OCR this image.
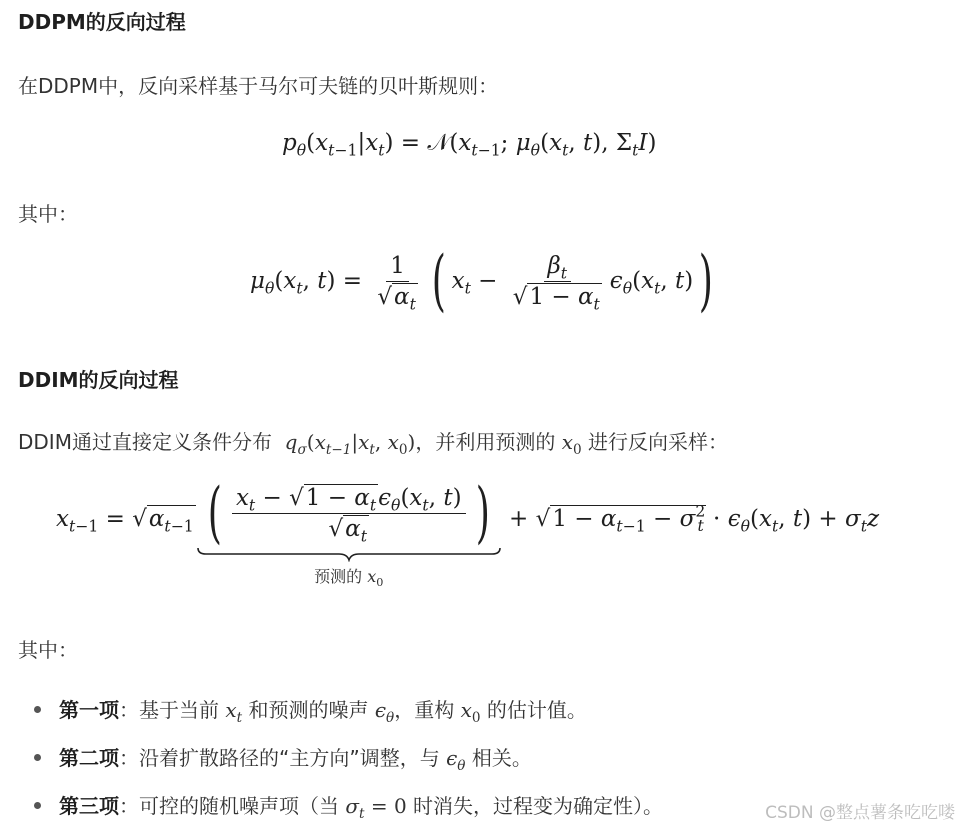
DDPM的反向过程
在DDPM中，反向采样基于马尔可夫链的贝叶斯规则：
$p_\theta(x_{t-1}|x_t)$ = $𝒩(x_{t-1}$; $\mu_\theta(x_t$, t), $\Sigma_tI$)
其中：
$\mu_\theta(x_t$, $t) = \frac{1}{√\alpha_t}$ ( $x_t - \frac{\beta_t}{√1 - \alpha_t} \epsilon_\theta(x_t$, t) )
DDIM的反向过程
DDIM通过直接定义条件分布  $q_\sigma(x_{t-1}|x_t$, $x_0$)，并利用预测的 $x_0$ 进行反向采样：
$x_{t-1} = √\alpha_{t-1}$ ( $\frac{x_t - √1 - \alpha_t\epsilon_\theta(x_t, t)}{√\alpha_t}$ )
预测的 $x_0$
+ $√1 - \alpha_{t-1} - \sigma^2_t \cdot \epsilon_\theta(x_t$, $t) + \sigma_tz$
其中：
第一项：基于当前 $x_t$ 和预测的噪声 $\epsilon_\theta$，重构 $x_0$ 的估计值。
第二项：沿着扩散路径的“主方向”调整，与 $\epsilon_\theta$ 相关。
第三项：可控的随机噪声项（当 $\sigma_t = 0$ 时消失，过程变为确定性）。	CSDN @整点薯条吃吃喽
